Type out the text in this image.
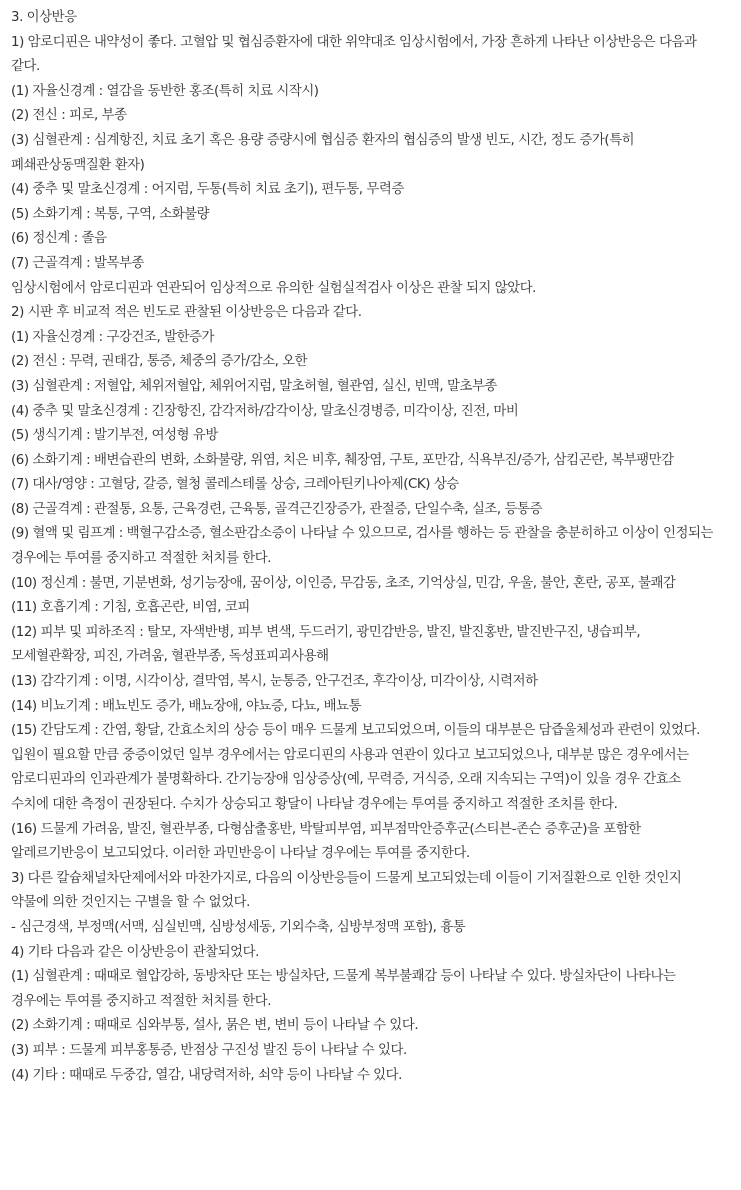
3. 이상반응

1) 암로디핀은 내약성이 좋다. 고혈압 및 협심증환자에 대한 위약대조 임상시험에서, 가장 흔하게 나타난 이상반응은 다음과 같다.

(1) 자율신경계 : 열감을 동반한 홍조(특히 치료 시작시)

(2) 전신 : 피로, 부종

(3) 심혈관계 : 심계항진, 치료 초기 혹은 용량 증량시에 협심증 환자의 협심증의 발생 빈도, 시간, 정도 증가(특히 폐쇄관상동맥질환 환자)

(4) 중추 및 말초신경계 : 어지럼, 두통(특히 치료 초기), 편두통, 무력증

(5) 소화기계 : 복통, 구역, 소화불량

(6) 정신계 : 졸음

(7) 근골격계 : 발목부종

임상시험에서 암로디핀과 연관되어 임상적으로 유의한 실험실적검사 이상은 관찰 되지 않았다.

2) 시판 후 비교적 적은 빈도로 관찰된 이상반응은 다음과 같다.

(1) 자율신경계 : 구강건조, 발한증가

(2) 전신 : 무력, 권태감, 통증, 체중의 증가/감소, 오한

(3) 심혈관계 : 저혈압, 체위저혈압, 체위어지럼, 말초허혈, 혈관염, 실신, 빈맥, 말초부종

(4) 중추 및 말초신경계 : 긴장항진, 감각저하/감각이상, 말초신경병증, 미각이상, 진전, 마비

(5) 생식기계 : 발기부전, 여성형 유방

(6) 소화기계 : 배변습관의 변화, 소화불량, 위염, 치은 비후, 췌장염, 구토, 포만감, 식욕부진/증가, 삼킴곤란, 복부팽만감

(7) 대사/영양 : 고혈당, 갈증, 혈청 콜레스테롤 상승, 크레아틴키나아제(CK) 상승

(8) 근골격계 : 관절통, 요통, 근육경련, 근육통, 골격근긴장증가, 관절증, 단일수축, 실조, 등통증

(9) 혈액 및 림프계 : 백혈구감소증, 혈소판감소증이 나타날 수 있으므로, 검사를 행하는 등 관찰을 충분히하고 이상이 인정되는 경우에는 투여를 중지하고 적절한 처치를 한다.

(10) 정신계 : 불면, 기분변화, 성기능장애, 꿈이상, 이인증, 무감동, 초조, 기억상실, 민감, 우울, 불안, 혼란, 공포, 불쾌감

(11) 호흡기계 : 기침, 호흡곤란, 비염, 코피

(12) 피부 및 피하조직 : 탈모, 자색반병, 피부 변색, 두드러기, 광민감반응, 발진, 발진홍반, 발진반구진, 냉습피부, 모세혈관확장, 피진, 가려움, 혈관부종, 독성표피괴사용해

(13) 감각기계 : 이명, 시각이상, 결막염, 복시, 눈통증, 안구건조, 후각이상, 미각이상, 시력저하

(14) 비뇨기계 : 배뇨빈도 증가, 배뇨장애, 야뇨증, 다뇨, 배뇨통

(15) 간담도계 : 간염, 황달, 간효소치의 상승 등이 매우 드물게 보고되었으며, 이들의 대부분은 담즙울체성과 관련이 있었다. 입원이 필요할 만큼 중증이었던 일부 경우에서는 암로디핀의 사용과 연관이 있다고 보고되었으나, 대부분 많은 경우에서는 암로디핀과의 인과관계가 불명확하다. 간기능장애 임상증상(예, 무력증, 거식증, 오래 지속되는 구역)이 있을 경우 간효소 수치에 대한 측정이 권장된다. 수치가 상승되고 황달이 나타날 경우에는 투여를 중지하고 적절한 조치를 한다.

(16) 드물게 가려움, 발진, 혈관부종, 다형삼출홍반, 박탈피부염, 피부점막안증후군(스티븐-존슨 증후군)을 포함한 알레르기반응이 보고되었다. 이러한 과민반응이 나타날 경우에는 투여를 중지한다.

3) 다른 칼슘채널차단제에서와 마찬가지로, 다음의 이상반응들이 드물게 보고되었는데 이들이 기저질환으로 인한 것인지 약물에 의한 것인지는 구별을 할 수 없었다.

- 심근경색, 부정맥(서맥, 심실빈맥, 심방성세동, 기외수축, 심방부정맥 포함), 흉통

4) 기타 다음과 같은 이상반응이 관찰되었다.

(1) 심혈관계 : 때때로 혈압강하, 동방차단 또는 방실차단, 드물게 복부불쾌감 등이 나타날 수 있다. 방실차단이 나타나는 경우에는 투여를 중지하고 적절한 처치를 한다.

(2) 소화기계 : 때때로 심와부통, 설사, 묽은 변, 변비 등이 나타날 수 있다.

(3) 피부 : 드물게 피부홍통증, 반점상 구진성 발진 등이 나타날 수 있다.

(4) 기타 : 때때로 두중감, 열감, 내당력저하, 쇠약 등이 나타날 수 있다.
